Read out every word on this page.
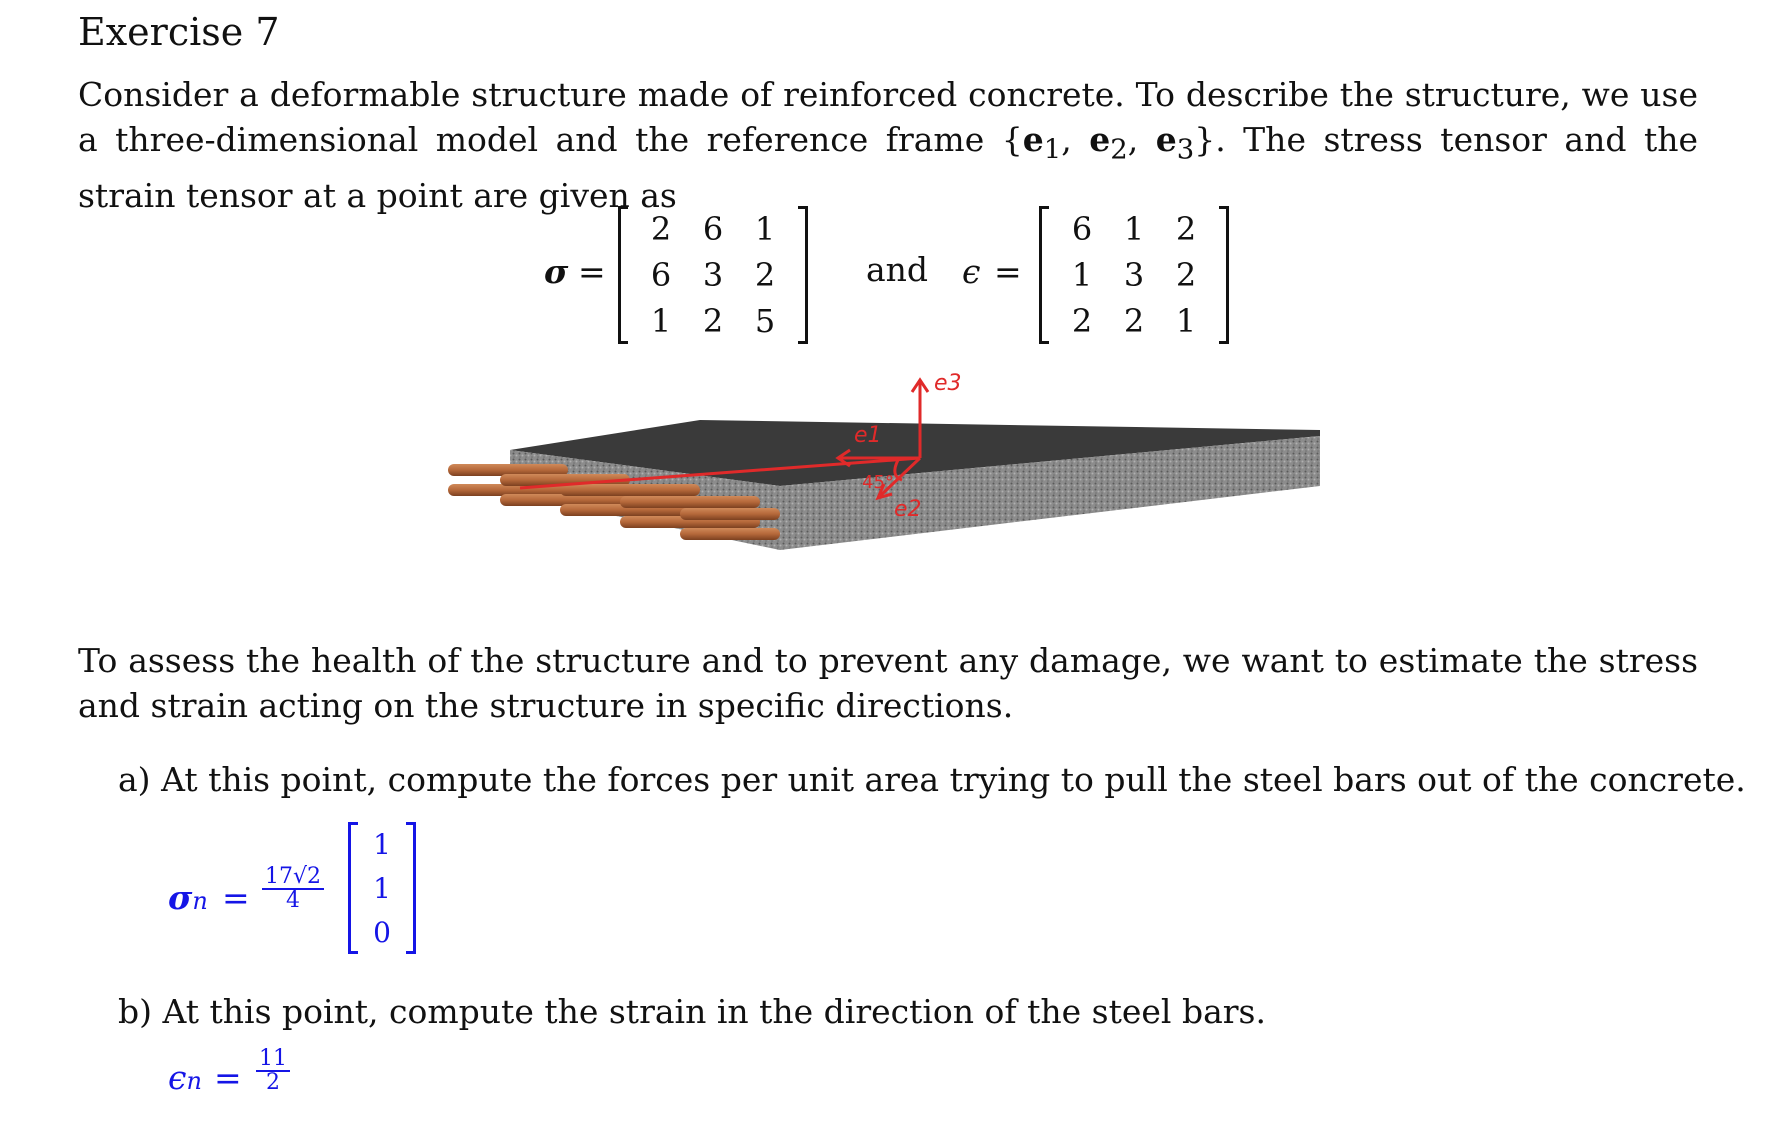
Exercise 7

Consider a deformable structure made of reinforced concrete. To describe the structure, we use a three-dimensional model and the reference frame {$e_1$, $e_2$, $e_3$}. The stress tensor and the strain tensor at a point are given as

σ =
2 6 1
6 3 2
1 2 5
and ϵ =
6 1 2
1 3 2
2 2 1
e3
e1
e2
45°

To assess the health of the structure and to prevent any damage, we want to estimate the stress and strain acting on the structure in specific directions.

a) At this point, compute the forces per unit area trying to pull the steel bars out of the concrete.

$\sigma n = \frac{17√2}{4}$
1
1
0

b) At this point, compute the strain in the direction of the steel bars.

$\epsilon n = \frac{11}{2}$
